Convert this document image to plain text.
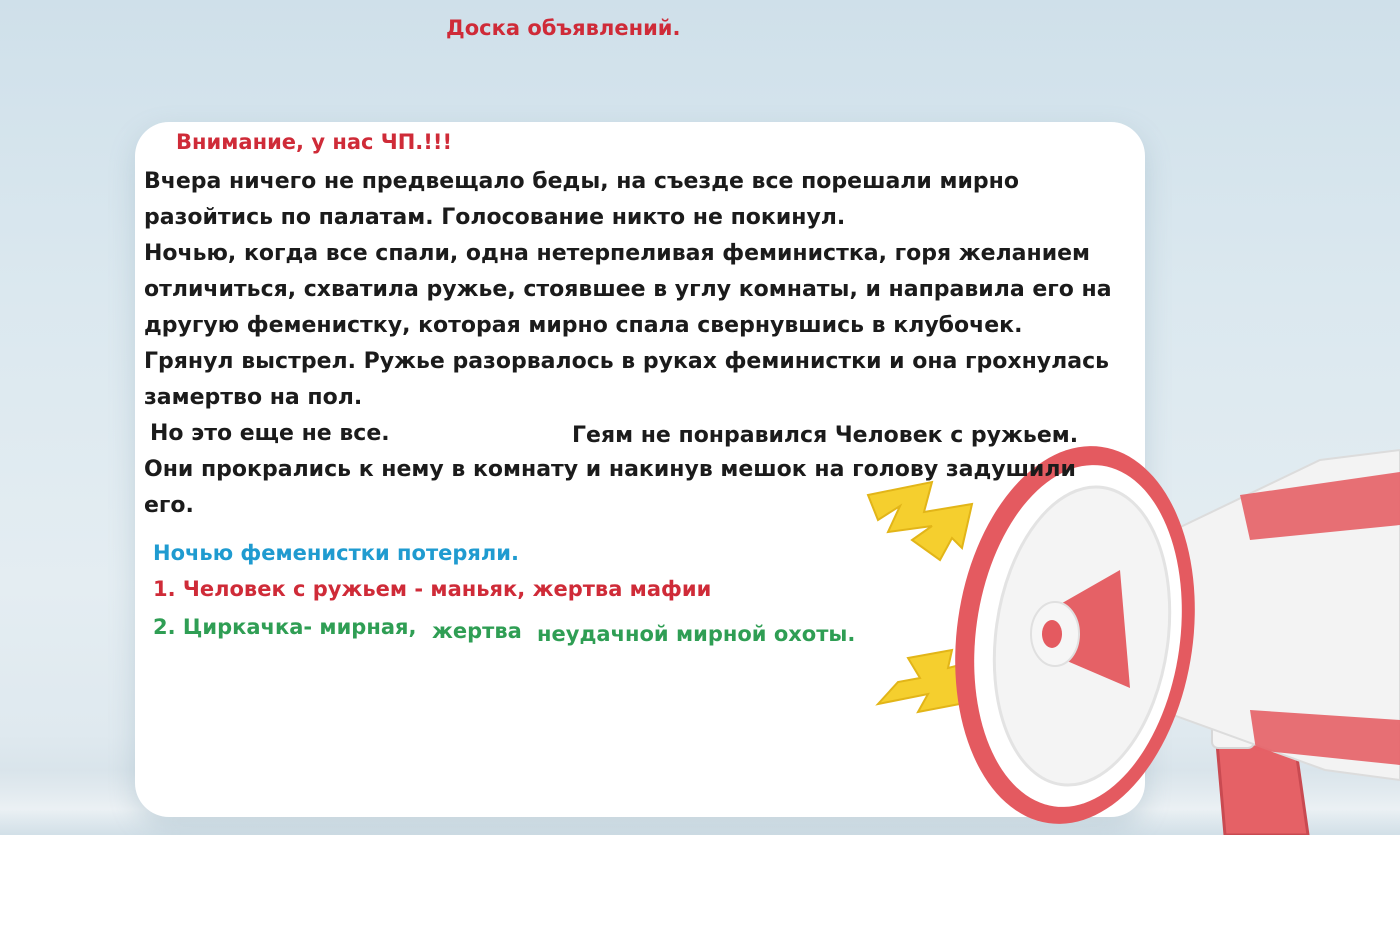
Доска объявлений.

Внимание, у нас ЧП.!!!

Вчера ничего не предвещало беды, на съезде все порешали мирно

разойтись по палатам. Голосование никто не покинул.

Ночью, когда все спали, одна нетерпеливая феминистка, горя желанием

отличиться, схватила ружье, стоявшее в углу комнаты, и направила его на

другую феменистку, которая мирно спала свернувшись в клубочек.

Грянул выстрел. Ружье разорвалось в руках феминистки и она грохнулась

замертво на пол.

Но это еще не все.	Геям не понравился Человек с ружьем.

Они прокрались к нему в комнату и накинув мешок на голову задушили

его.

Ночью феменистки потеряли.

1. Человек с ружьем - маньяк, жертва мафии

2. Циркачка- мирная, жертва неудачной мирной охоты.
